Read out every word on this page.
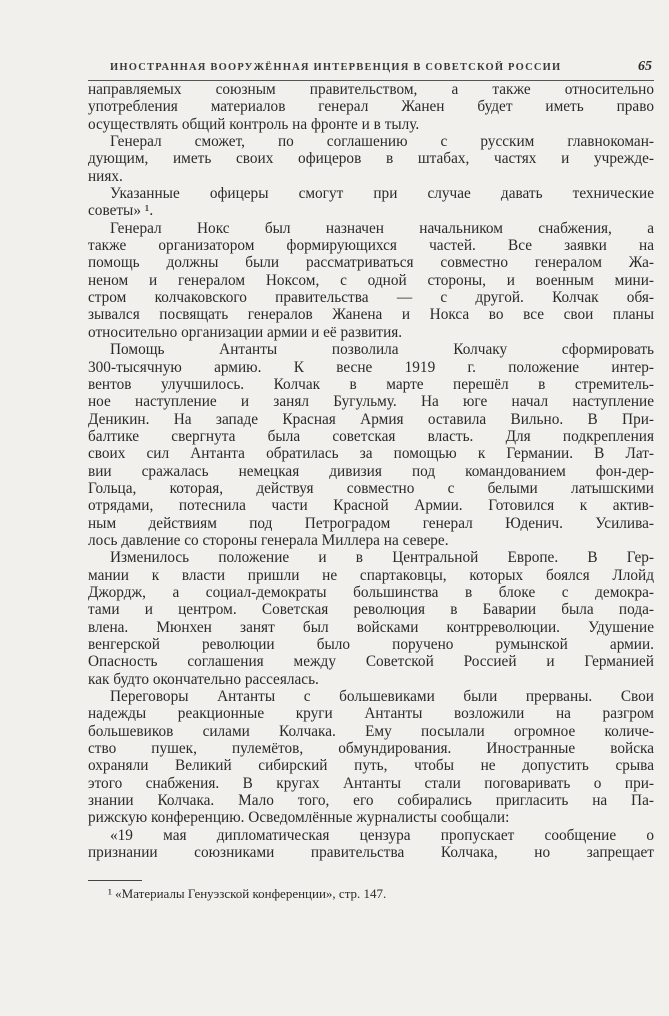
ИНОСТРАННАЯ ВООРУЖЁННАЯ ИНТЕРВЕНЦИЯ В СОВЕТСКОЙ РОССИИ	65
направляемых союзным правительством, а также относительно
употребления материалов генерал Жанен будет иметь право
осуществлять общий контроль на фронте и в тылу.
Генерал сможет, по соглашению с русским главнокоман-
дующим, иметь своих офицеров в штабах, частях и учрежде-
ниях.
Указанные офицеры смогут при случае давать технические
советы» ¹.
Генерал Нокс был назначен начальником снабжения, а
также организатором формирующихся частей. Все заявки на
помощь должны были рассматриваться совместно генералом Жа-
неном и генералом Ноксом, с одной стороны, и военным мини-
стром колчаковского правительства — с другой. Колчак обя-
зывался посвящать генералов Жанена и Нокса во все свои планы
относительно организации армии и её развития.
Помощь Антанты позволила Колчаку сформировать
300-тысячную армию. К весне 1919 г. положение интер-
вентов улучшилось. Колчак в марте перешёл в стремитель-
ное наступление и занял Бугульму. На юге начал наступление
Деникин. На западе Красная Армия оставила Вильно. В При-
балтике свергнута была советская власть. Для подкрепления
своих сил Антанта обратилась за помощью к Германии. В Лат-
вии сражалась немецкая дивизия под командованием фон-дер-
Гольца, которая, действуя совместно с белыми латышскими
отрядами, потеснила части Красной Армии. Готовился к актив-
ным действиям под Петроградом генерал Юденич. Усилива-
лось давление со стороны генерала Миллера на севере.
Изменилось положение и в Центральной Европе. В Гер-
мании к власти пришли не спартаковцы, которых боялся Ллойд
Джордж, а социал-демократы большинства в блоке с демокра-
тами и центром. Советская революция в Баварии была пода-
влена. Мюнхен занят был войсками контрреволюции. Удушение
венгерской революции было поручено румынской армии.
Опасность соглашения между Советской Россией и Германией
как будто окончательно рассеялась.
Переговоры Антанты с большевиками были прерваны. Свои
надежды реакционные круги Антанты возложили на разгром
большевиков силами Колчака. Ему посылали огромное количе-
ство пушек, пулемётов, обмундирования. Иностранные войска
охраняли Великий сибирский путь, чтобы не допустить срыва
этого снабжения. В кругах Антанты стали поговаривать о при-
знании Колчака. Мало того, его собирались пригласить на Па-
рижскую конференцию. Осведомлённые журналисты сообщали:
«19 мая дипломатическая цензура пропускает сообщение о
признании союзниками правительства Колчака, но запрещает
¹ «Материалы Генуэзской конференции», стр. 147.
